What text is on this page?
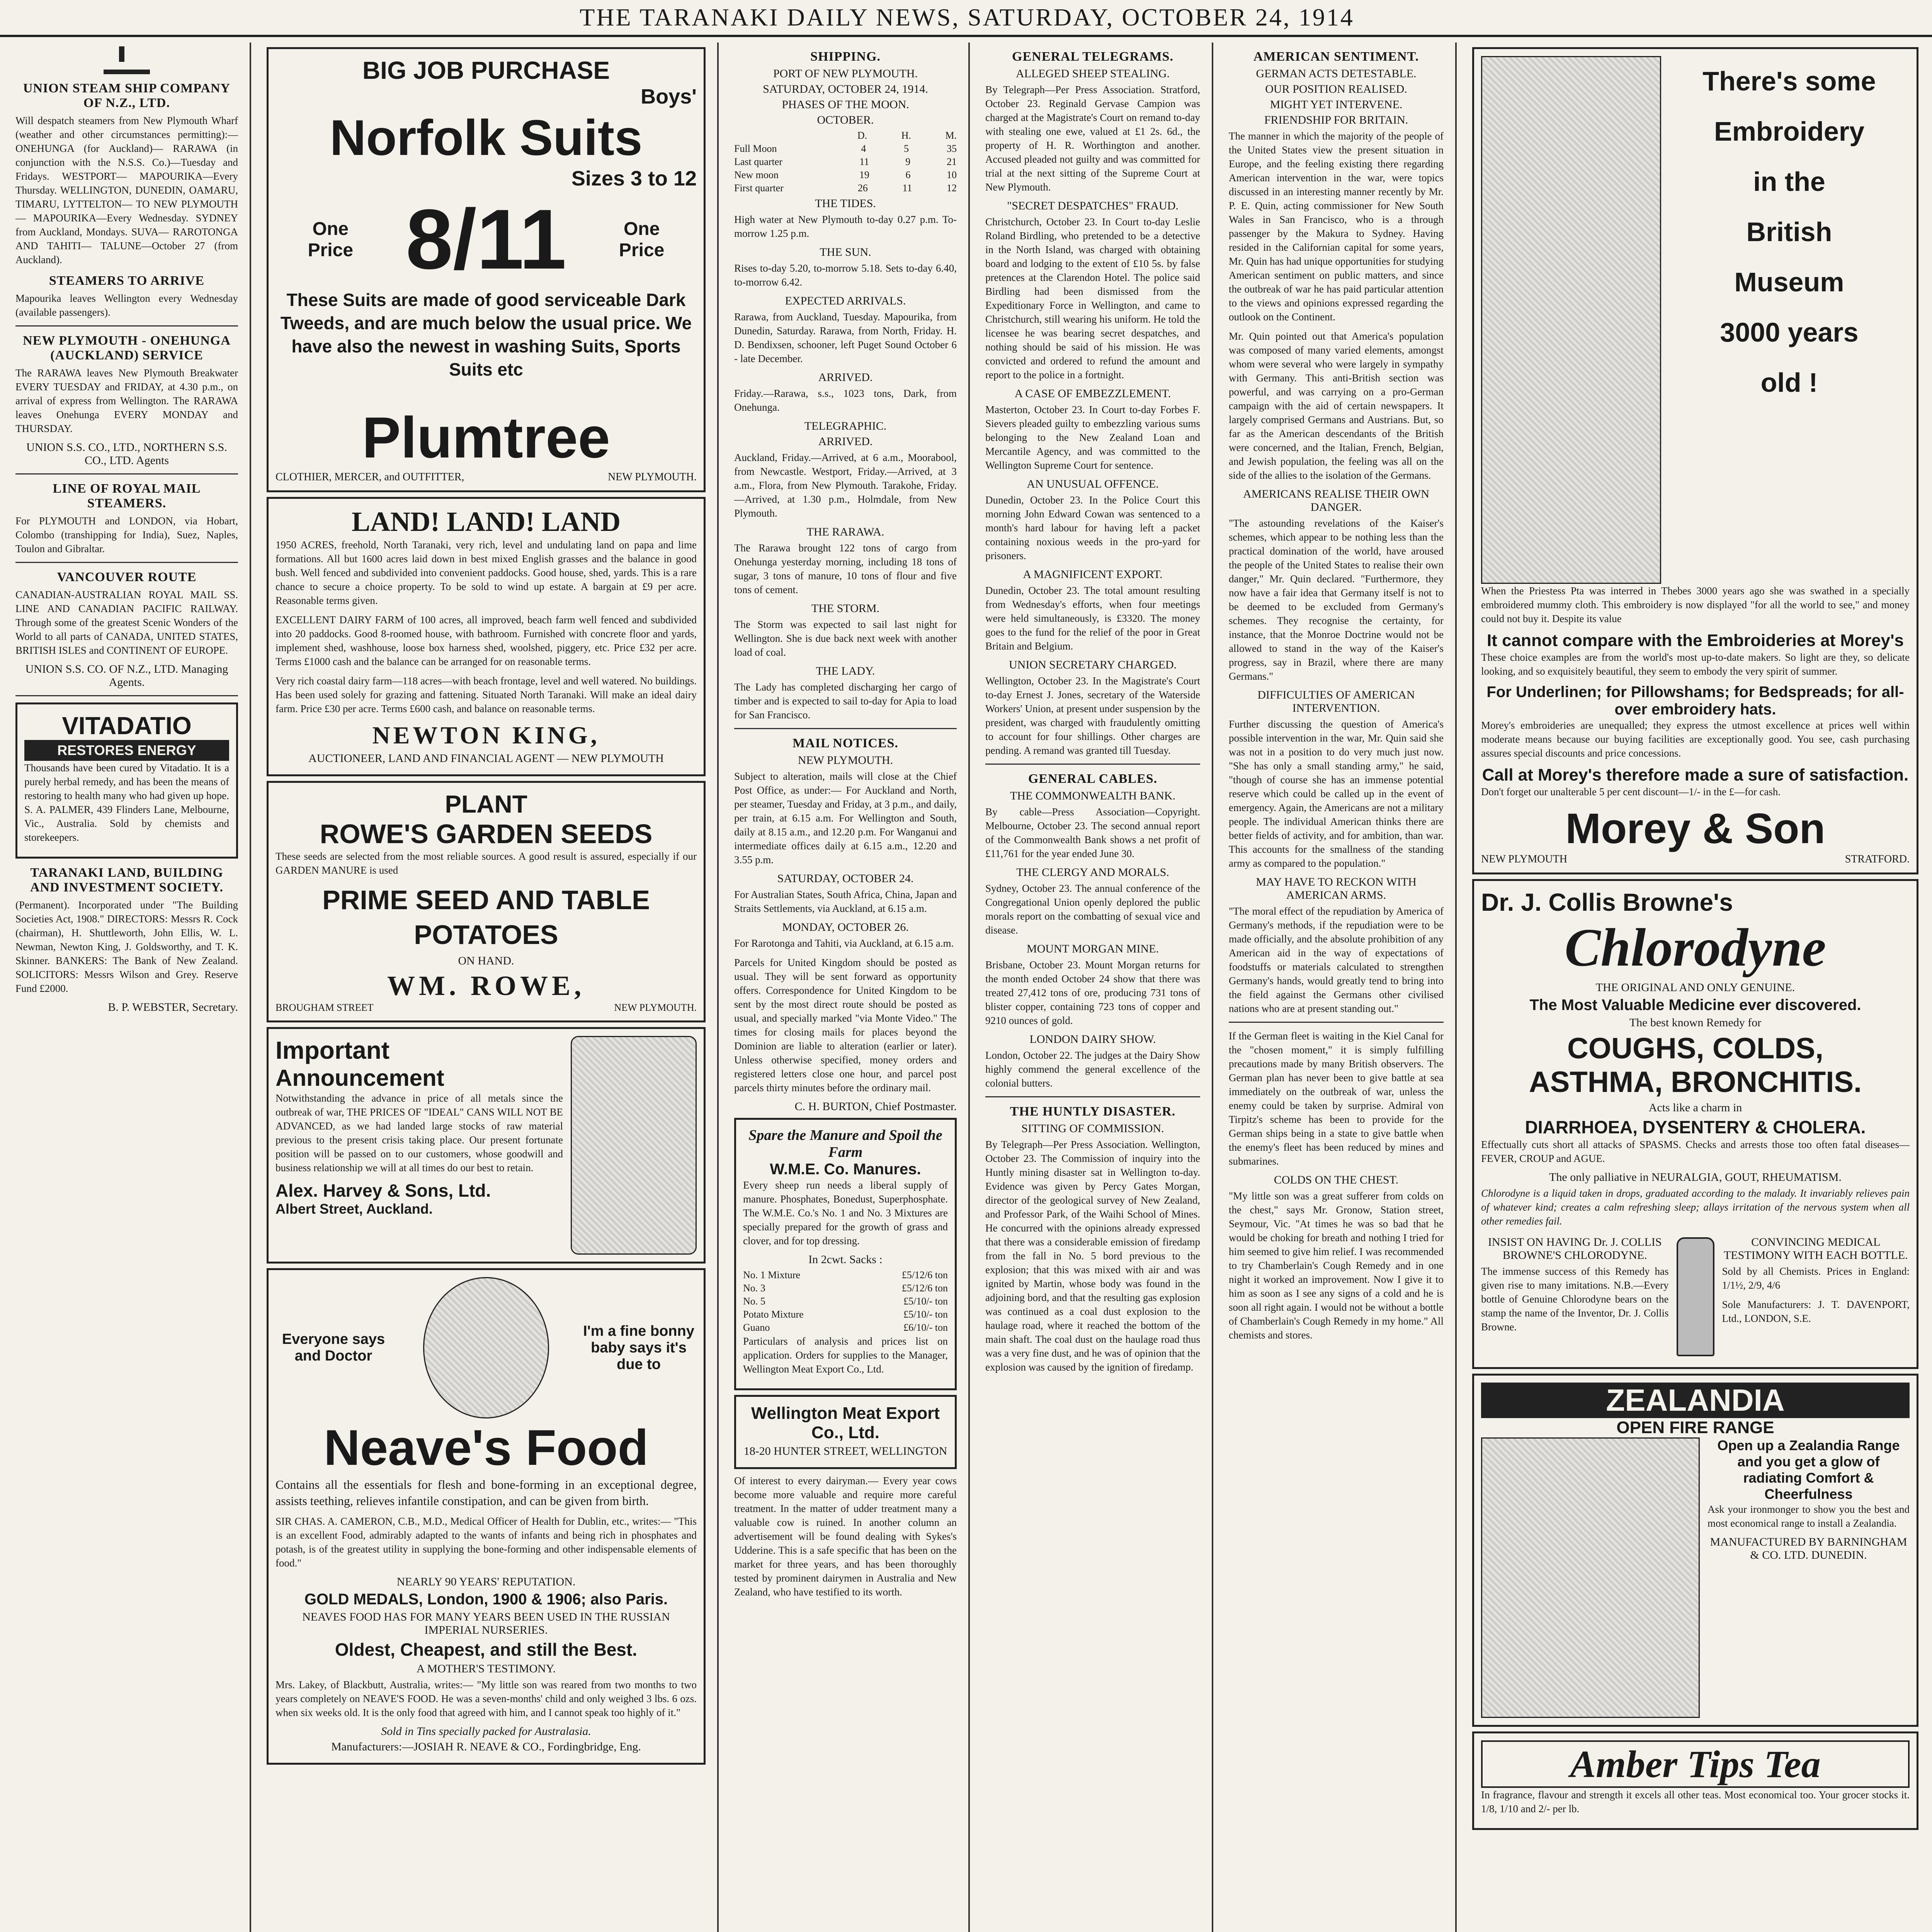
THE TARANAKI DAILY NEWS, SATURDAY, OCTOBER 24, 1914
UNION STEAM SHIP COMPANY OF N.Z., LTD.

Will despatch steamers from New Plymouth Wharf (weather and other circumstances permitting):— ONEHUNGA (for Auckland)— RARAWA (in conjunction with the N.S.S. Co.)—Tuesday and Fridays. WESTPORT— MAPOURIKA—Every Thursday. WELLINGTON, DUNEDIN, OAMARU, TIMARU, LYTTELTON— TO NEW PLYMOUTH— MAPOURIKA—Every Wednesday. SYDNEY from Auckland, Mondays. SUVA— RAROTONGA AND TAHITI— TALUNE—October 27 (from Auckland).

STEAMERS TO ARRIVE

Mapourika leaves Wellington every Wednesday (available passengers).

NEW PLYMOUTH - ONEHUNGA (AUCKLAND) SERVICE

The RARAWA leaves New Plymouth Breakwater EVERY TUESDAY and FRIDAY, at 4.30 p.m., on arrival of express from Wellington. The RARAWA leaves Onehunga EVERY MONDAY and THURSDAY.

UNION S.S. CO., LTD., NORTHERN S.S. CO., LTD. Agents
LINE OF ROYAL MAIL STEAMERS.

For PLYMOUTH and LONDON, via Hobart, Colombo (transhipping for India), Suez, Naples, Toulon and Gibraltar.

VANCOUVER ROUTE

CANADIAN-AUSTRALIAN ROYAL MAIL SS. LINE AND CANADIAN PACIFIC RAILWAY. Through some of the greatest Scenic Wonders of the World to all parts of CANADA, UNITED STATES, BRITISH ISLES and CONTINENT OF EUROPE.

UNION S.S. CO. OF N.Z., LTD. Managing Agents.
VITADATIO
RESTORES ENERGY

Thousands have been cured by Vitadatio. It is a purely herbal remedy, and has been the means of restoring to health many who had given up hope. S. A. PALMER, 439 Flinders Lane, Melbourne, Vic., Australia. Sold by chemists and storekeepers.

TARANAKI LAND, BUILDING AND INVESTMENT SOCIETY.

(Permanent). Incorporated under "The Building Societies Act, 1908." DIRECTORS: Messrs R. Cock (chairman), H. Shuttleworth, John Ellis, W. L. Newman, Newton King, J. Goldsworthy, and T. K. Skinner. BANKERS: The Bank of New Zealand. SOLICITORS: Messrs Wilson and Grey. Reserve Fund £2000.

B. P. WEBSTER, Secretary.
BIG JOB PURCHASE
Boys'
Norfolk Suits
Sizes 3 to 12
One Price 8/11	One Price
These Suits are made of good serviceable Dark Tweeds, and are much below the usual price. We have also the newest in washing Suits, Sports Suits etc
Plumtree
CLOTHIER, MERCER, and OUTFITTER,	NEW PLYMOUTH.
LAND! LAND! LAND

1950 ACRES, freehold, North Taranaki, very rich, level and undulating land on papa and lime formations. All but 1600 acres laid down in best mixed English grasses and the balance in good bush. Well fenced and subdivided into convenient paddocks. Good house, shed, yards. This is a rare chance to secure a choice property. To be sold to wind up estate. A bargain at £9 per acre. Reasonable terms given.

EXCELLENT DAIRY FARM of 100 acres, all improved, beach farm well fenced and subdivided into 20 paddocks. Good 8-roomed house, with bathroom. Furnished with concrete floor and yards, implement shed, washhouse, loose box harness shed, woolshed, piggery, etc. Price £32 per acre. Terms £1000 cash and the balance can be arranged for on reasonable terms.

Very rich coastal dairy farm—118 acres—with beach frontage, level and well watered. No buildings. Has been used solely for grazing and fattening. Situated North Taranaki. Will make an ideal dairy farm. Price £30 per acre. Terms £600 cash, and balance on reasonable terms.

NEWTON KING,
AUCTIONEER, LAND AND FINANCIAL AGENT — NEW PLYMOUTH
PLANT
ROWE'S GARDEN SEEDS

These seeds are selected from the most reliable sources. A good result is assured, especially if our GARDEN MANURE is used

PRIME SEED AND TABLE POTATOES
ON HAND.
WM. ROWE,
BROUGHAM STREET	NEW PLYMOUTH.
Important
Announcement

Notwithstanding the advance in price of all metals since the outbreak of war, THE PRICES OF "IDEAL" CANS WILL NOT BE ADVANCED, as we had landed large stocks of raw material previous to the present crisis taking place. Our present fortunate position will be passed on to our customers, whose goodwill and business relationship we will at all times do our best to retain.

Alex. Harvey & Sons, Ltd.
Albert Street, Auckland.
Everyone says and Doctor
I'm a fine bonny baby says it's due to
Neave's Food

Contains all the essentials for flesh and bone-forming in an exceptional degree, assists teething, relieves infantile constipation, and can be given from birth.

SIR CHAS. A. CAMERON, C.B., M.D., Medical Officer of Health for Dublin, etc., writes:— "This is an excellent Food, admirably adapted to the wants of infants and being rich in phosphates and potash, is of the greatest utility in supplying the bone-forming and other indispensable elements of food."

NEARLY 90 YEARS' REPUTATION.
GOLD MEDALS, London, 1900 & 1906; also Paris.
NEAVES FOOD HAS FOR MANY YEARS BEEN USED IN THE RUSSIAN IMPERIAL NURSERIES.
Oldest, Cheapest, and still the Best.
A MOTHER'S TESTIMONY.

Mrs. Lakey, of Blackbutt, Australia, writes:— "My little son was reared from two months to two years completely on NEAVE'S FOOD. He was a seven-months' child and only weighed 3 lbs. 6 ozs. when six weeks old. It is the only food that agreed with him, and I cannot speak too highly of it."

Sold in Tins specially packed for Australasia.
Manufacturers:—JOSIAH R. NEAVE & CO., Fordingbridge, Eng.
SHIPPING.
PORT OF NEW PLYMOUTH.
SATURDAY, OCTOBER 24, 1914.
PHASES OF THE MOON.
OCTOBER.
D.	H.	M.
Full Moon	4	5	35
Last quarter	11	9	21
New moon	19	6	10
First quarter	26	11	12
THE TIDES.

High water at New Plymouth to-day 0.27 p.m. To-morrow 1.25 p.m.

THE SUN.

Rises to-day 5.20, to-morrow 5.18. Sets to-day 6.40, to-morrow 6.42.

EXPECTED ARRIVALS.

Rarawa, from Auckland, Tuesday. Mapourika, from Dunedin, Saturday. Rarawa, from North, Friday. H. D. Bendixsen, schooner, left Puget Sound October 6 - late December.

ARRIVED.

Friday.—Rarawa, s.s., 1023 tons, Dark, from Onehunga.

TELEGRAPHIC.
ARRIVED.

Auckland, Friday.—Arrived, at 6 a.m., Moorabool, from Newcastle. Westport, Friday.—Arrived, at 3 a.m., Flora, from New Plymouth. Tarakohe, Friday.—Arrived, at 1.30 p.m., Holmdale, from New Plymouth.

THE RARAWA.

The Rarawa brought 122 tons of cargo from Onehunga yesterday morning, including 18 tons of sugar, 3 tons of manure, 10 tons of flour and five tons of cement.

THE STORM.

The Storm was expected to sail last night for Wellington. She is due back next week with another load of coal.

THE LADY.

The Lady has completed discharging her cargo of timber and is expected to sail to-day for Apia to load for San Francisco.

MAIL NOTICES.
NEW PLYMOUTH.

Subject to alteration, mails will close at the Chief Post Office, as under:— For Auckland and North, per steamer, Tuesday and Friday, at 3 p.m., and daily, per train, at 6.15 a.m. For Wellington and South, daily at 8.15 a.m., and 12.20 p.m. For Wanganui and intermediate offices daily at 6.15 a.m., 12.20 and 3.55 p.m.

SATURDAY, OCTOBER 24.

For Australian States, South Africa, China, Japan and Straits Settlements, via Auckland, at 6.15 a.m.

MONDAY, OCTOBER 26.

For Rarotonga and Tahiti, via Auckland, at 6.15 a.m.

Parcels for United Kingdom should be posted as usual. They will be sent forward as opportunity offers. Correspondence for United Kingdom to be sent by the most direct route should be posted as usual, and specially marked "via Monte Video." The times for closing mails for places beyond the Dominion are liable to alteration (earlier or later). Unless otherwise specified, money orders and registered letters close one hour, and parcel post parcels thirty minutes before the ordinary mail.

C. H. BURTON, Chief Postmaster.
Spare the Manure and Spoil the Farm
W.M.E. Co. Manures.

Every sheep run needs a liberal supply of manure. Phosphates, Bonedust, Superphosphate. The W.M.E. Co.'s No. 1 and No. 3 Mixtures are specially prepared for the growth of grass and clover, and for top dressing.

In 2cwt. Sacks :
No. 1 Mixture	£5/12/6 ton
No. 3	£5/12/6 ton
No. 5	£5/10/- ton
Potato Mixture	£5/10/- ton
Guano	£6/10/- ton

Particulars of analysis and prices list on application. Orders for supplies to the Manager, Wellington Meat Export Co., Ltd.

Wellington Meat Export Co., Ltd.
18-20 HUNTER STREET, WELLINGTON

Of interest to every dairyman.— Every year cows become more valuable and require more careful treatment. In the matter of udder treatment many a valuable cow is ruined. In another column an advertisement will be found dealing with Sykes's Udderine. This is a safe specific that has been on the market for three years, and has been thoroughly tested by prominent dairymen in Australia and New Zealand, who have testified to its worth.

GENERAL TELEGRAMS.
ALLEGED SHEEP STEALING.

By Telegraph—Per Press Association. Stratford, October 23. Reginald Gervase Campion was charged at the Magistrate's Court on remand to-day with stealing one ewe, valued at £1 2s. 6d., the property of H. R. Worthington and another. Accused pleaded not guilty and was committed for trial at the next sitting of the Supreme Court at New Plymouth.

"SECRET DESPATCHES" FRAUD.

Christchurch, October 23. In Court to-day Leslie Roland Birdling, who pretended to be a detective in the North Island, was charged with obtaining board and lodging to the extent of £10 5s. by false pretences at the Clarendon Hotel. The police said Birdling had been dismissed from the Expeditionary Force in Wellington, and came to Christchurch, still wearing his uniform. He told the licensee he was bearing secret despatches, and nothing should be said of his mission. He was convicted and ordered to refund the amount and report to the police in a fortnight.

A CASE OF EMBEZZLEMENT.

Masterton, October 23. In Court to-day Forbes F. Sievers pleaded guilty to embezzling various sums belonging to the New Zealand Loan and Mercantile Agency, and was committed to the Wellington Supreme Court for sentence.

AN UNUSUAL OFFENCE.

Dunedin, October 23. In the Police Court this morning John Edward Cowan was sentenced to a month's hard labour for having left a packet containing noxious weeds in the pro-yard for prisoners.

A MAGNIFICENT EXPORT.

Dunedin, October 23. The total amount resulting from Wednesday's efforts, when four meetings were held simultaneously, is £3320. The money goes to the fund for the relief of the poor in Great Britain and Belgium.

UNION SECRETARY CHARGED.

Wellington, October 23. In the Magistrate's Court to-day Ernest J. Jones, secretary of the Waterside Workers' Union, at present under suspension by the president, was charged with fraudulently omitting to account for four shillings. Other charges are pending. A remand was granted till Tuesday.

GENERAL CABLES.
THE COMMONWEALTH BANK.

By cable—Press Association—Copyright. Melbourne, October 23. The second annual report of the Commonwealth Bank shows a net profit of £11,761 for the year ended June 30.

THE CLERGY AND MORALS.

Sydney, October 23. The annual conference of the Congregational Union openly deplored the public morals report on the combatting of sexual vice and disease.

MOUNT MORGAN MINE.

Brisbane, October 23. Mount Morgan returns for the month ended October 24 show that there was treated 27,412 tons of ore, producing 731 tons of blister copper, containing 723 tons of copper and 9210 ounces of gold.

LONDON DAIRY SHOW.

London, October 22. The judges at the Dairy Show highly commend the general excellence of the colonial butters.

THE HUNTLY DISASTER.
SITTING OF COMMISSION.

By Telegraph—Per Press Association. Wellington, October 23. The Commission of inquiry into the Huntly mining disaster sat in Wellington to-day. Evidence was given by Percy Gates Morgan, director of the geological survey of New Zealand, and Professor Park, of the Waihi School of Mines. He concurred with the opinions already expressed that there was a considerable emission of firedamp from the fall in No. 5 bord previous to the explosion; that this was mixed with air and was ignited by Martin, whose body was found in the adjoining bord, and that the resulting gas explosion was continued as a coal dust explosion to the haulage road, where it reached the bottom of the main shaft. The coal dust on the haulage road thus was a very fine dust, and he was of opinion that the explosion was caused by the ignition of firedamp.

AMERICAN SENTIMENT.
GERMAN ACTS DETESTABLE.
OUR POSITION REALISED.
MIGHT YET INTERVENE.
FRIENDSHIP FOR BRITAIN.

The manner in which the majority of the people of the United States view the present situation in Europe, and the feeling existing there regarding American intervention in the war, were topics discussed in an interesting manner recently by Mr. P. E. Quin, acting commissioner for New South Wales in San Francisco, who is a through passenger by the Makura to Sydney. Having resided in the Californian capital for some years, Mr. Quin has had unique opportunities for studying American sentiment on public matters, and since the outbreak of war he has paid particular attention to the views and opinions expressed regarding the outlook on the Continent.

Mr. Quin pointed out that America's population was composed of many varied elements, amongst whom were several who were largely in sympathy with Germany. This anti-British section was powerful, and was carrying on a pro-German campaign with the aid of certain newspapers. It largely comprised Germans and Austrians. But, so far as the American descendants of the British were concerned, and the Italian, French, Belgian, and Jewish population, the feeling was all on the side of the allies to the isolation of the Germans.

AMERICANS REALISE THEIR OWN DANGER.

"The astounding revelations of the Kaiser's schemes, which appear to be nothing less than the practical domination of the world, have aroused the people of the United States to realise their own danger," Mr. Quin declared. "Furthermore, they now have a fair idea that Germany itself is not to be deemed to be excluded from Germany's schemes. They recognise the certainty, for instance, that the Monroe Doctrine would not be allowed to stand in the way of the Kaiser's progress, say in Brazil, where there are many Germans."

DIFFICULTIES OF AMERICAN INTERVENTION.

Further discussing the question of America's possible intervention in the war, Mr. Quin said she was not in a position to do very much just now. "She has only a small standing army," he said, "though of course she has an immense potential reserve which could be called up in the event of emergency. Again, the Americans are not a military people. The individual American thinks there are better fields of activity, and for ambition, than war. This accounts for the smallness of the standing army as compared to the population."

MAY HAVE TO RECKON WITH AMERICAN ARMS.

"The moral effect of the repudiation by America of Germany's methods, if the repudiation were to be made officially, and the absolute prohibition of any American aid in the way of expectations of foodstuffs or materials calculated to strengthen Germany's hands, would greatly tend to bring into the field against the Germans other civilised nations who are at present standing out."

If the German fleet is waiting in the Kiel Canal for the "chosen moment," it is simply fulfilling precautions made by many British observers. The German plan has never been to give battle at sea immediately on the outbreak of war, unless the enemy could be taken by surprise. Admiral von Tirpitz's scheme has been to provide for the German ships being in a state to give battle when the enemy's fleet has been reduced by mines and submarines.

COLDS ON THE CHEST.

"My little son was a great sufferer from colds on the chest," says Mr. Gronow, Station street, Seymour, Vic. "At times he was so bad that he would be choking for breath and nothing I tried for him seemed to give him relief. I was recommended to try Chamberlain's Cough Remedy and in one night it worked an improvement. Now I give it to him as soon as I see any signs of a cold and he is soon all right again. I would not be without a bottle of Chamberlain's Cough Remedy in my home." All chemists and stores.

There's some
Embroidery
in the
British
Museum
3000 years
old !

When the Priestess Pta was interred in Thebes 3000 years ago she was swathed in a specially embroidered mummy cloth. This embroidery is now displayed "for all the world to see," and money could not buy it. Despite its value

It cannot compare with the Embroideries at Morey's

These choice examples are from the world's most up-to-date makers. So light are they, so delicate looking, and so exquisitely beautiful, they seem to embody the very spirit of summer.

For Underlinen; for Pillowshams; for Bedspreads; for all-over embroidery hats.

Morey's embroideries are unequalled; they express the utmost excellence at prices well within moderate means because our buying facilities are exceptionally good. You see, cash purchasing assures special discounts and price concessions.

Call at Morey's therefore made a sure of satisfaction.

Don't forget our unalterable 5 per cent discount—1/- in the £—for cash.

Morey & Son
NEW PLYMOUTH	STRATFORD.
Dr. J. Collis Browne's
Chlorodyne
THE ORIGINAL AND ONLY GENUINE.
The Most Valuable Medicine ever discovered.
The best known Remedy for
COUGHS, COLDS,
ASTHMA, BRONCHITIS.
Acts like a charm in
DIARRHOEA, DYSENTERY & CHOLERA.

Effectually cuts short all attacks of SPASMS. Checks and arrests those too often fatal diseases—FEVER, CROUP and AGUE.

The only palliative in NEURALGIA, GOUT, RHEUMATISM.

Chlorodyne is a liquid taken in drops, graduated according to the malady. It invariably relieves pain of whatever kind; creates a calm refreshing sleep; allays irritation of the nervous system when all other remedies fail.

INSIST ON HAVING Dr. J. COLLIS BROWNE'S CHLORODYNE.

The immense success of this Remedy has given rise to many imitations. N.B.—Every bottle of Genuine Chlorodyne bears on the stamp the name of the Inventor, Dr. J. Collis Browne.

CONVINCING MEDICAL TESTIMONY WITH EACH BOTTLE.

Sold by all Chemists. Prices in England: 1/1½, 2/9, 4/6

Sole Manufacturers: J. T. DAVENPORT, Ltd., LONDON, S.E.

ZEALANDIA
OPEN FIRE RANGE
Open up a Zealandia Range and you get a glow of radiating Comfort & Cheerfulness

Ask your ironmonger to show you the best and most economical range to install a Zealandia.

MANUFACTURED BY BARNINGHAM & CO. LTD. DUNEDIN.
Amber Tips Tea

In fragrance, flavour and strength it excels all other teas. Most economical too. Your grocer stocks it. 1/8, 1/10 and 2/- per lb.
